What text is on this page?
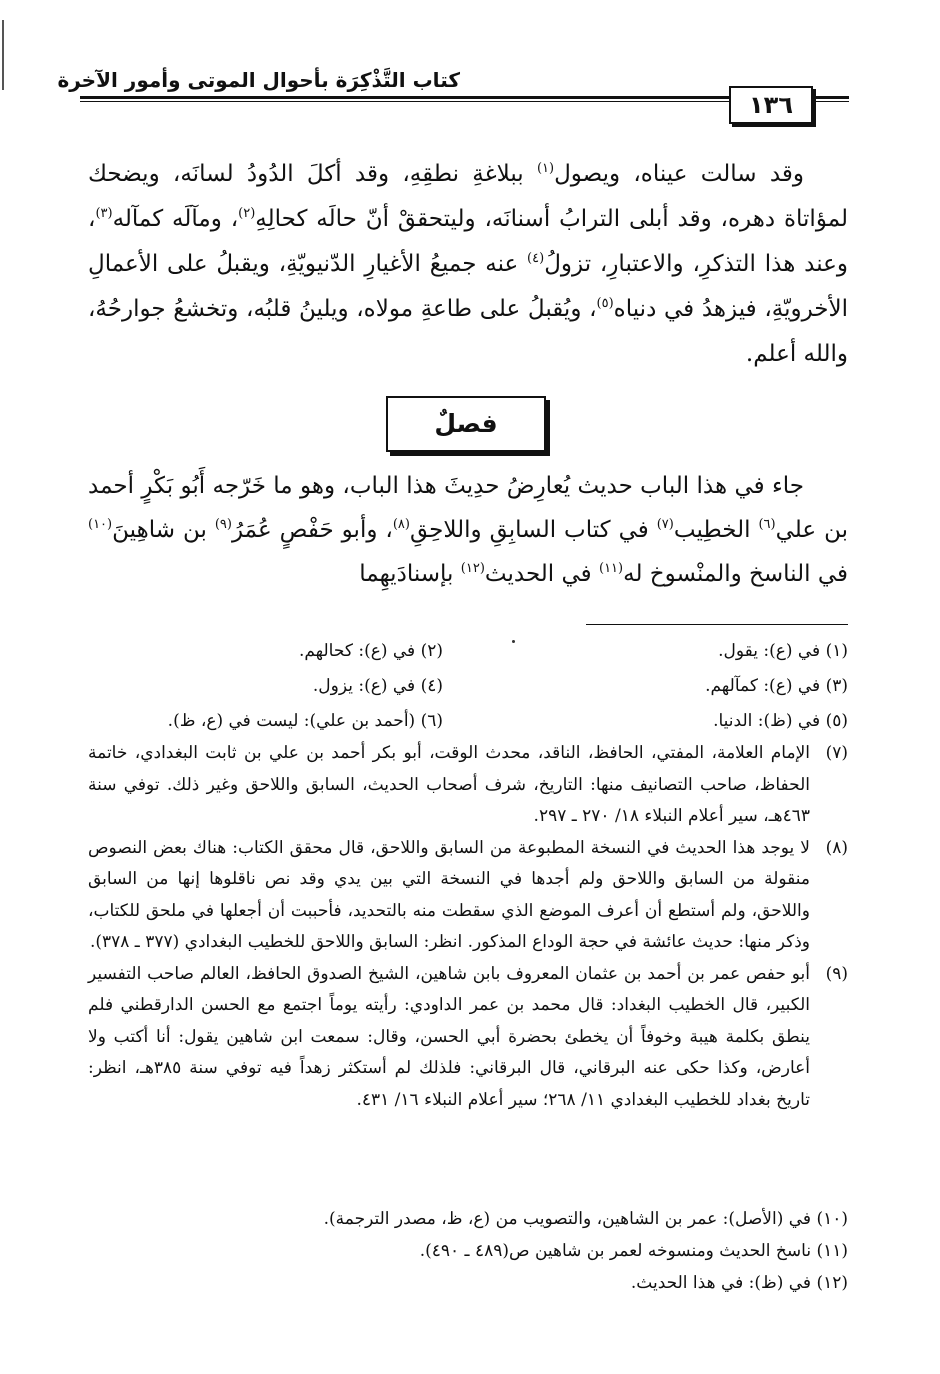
كتاب التَّذْكِرَة بأحوال الموتى وأمور الآخرة
١٣٦

وقد سالت عيناه، ويصول$^{(١)}$ ببلاغةِ نطقِهِ، وقد أكلَ الدُودُ لسانَه، ويضحك لمؤاتاة دهره، وقد أبلى الترابُ أسنانَه، وليتحققْ أنّ حالَه كحالِهِ$^{(٢)}$، ومآلَه كمآله$^{(٣)}$، وعند هذا التذكرِ، والاعتبارِ، تزولُ$^{(٤)}$ عنه جميعُ الأغيارِ الدّنيويّةِ، ويقبلُ على الأعمالِ الأخرويّةِ، فيزهدُ في دنياه$^{(٥)}$، ويُقبلُ على طاعةِ مولاه، ويلينُ قلبُه، وتخشعُ جوارحُهُ، والله أعلم.

فصلٌ
جاء في هذا الباب حديث يُعارِضُ حدِيثَ هذا الباب، وهو ما خَرّجه أَبُو بَكْرٍ أحمد بن علي$^{(٦)}$ الخطِيب$^{(٧)}$ في كتاب السابِقِ واللاحِقِ$^{(٨)}$، وأبو حَفْصٍ عُمَرُ$^{(٩)}$ بن شاهِينَ$^{(١٠)}$ في الناسخ والمنْسوخ له$^{(١١)}$ في الحديث$^{(١٢)}$ بإسنادَيهِما
(١) في (ع): يقول.
(٢) في (ع): كحالهم.
(٣) في (ع): كمآلهم.
(٤) في (ع): يزول.
(٥) في (ظ): الدنيا.
(٦) (أحمد بن علي): ليست في (ع، ظ).
(٧)
الإمام العلامة، المفتي، الحافظ، الناقد، محدث الوقت، أبو بكر أحمد بن علي بن ثابت البغدادي، خاتمة الحفاظ، صاحب التصانيف منها: التاريخ، شرف أصحاب الحديث، السابق واللاحق وغير ذلك. توفي سنة ٤٦٣هـ، سير أعلام النبلاء ١٨/ ٢٧٠ ـ ٢٩٧.
(٨)
لا يوجد هذا الحديث في النسخة المطبوعة من السابق واللاحق، قال محقق الكتاب: هناك بعض النصوص منقولة من السابق واللاحق ولم أجدها في النسخة التي بين يدي وقد نص ناقلوها إنها من السابق واللاحق، ولم أستطع أن أعرف الموضع الذي سقطت منه بالتحديد، فأحببت أن أجعلها في ملحق للكتاب، وذكر منها: حديث عائشة في حجة الوداع المذكور. انظر: السابق واللاحق للخطيب البغدادي (٣٧٧ ـ ٣٧٨).
(٩)
أبو حفص عمر بن أحمد بن عثمان المعروف بابن شاهين، الشيخ الصدوق الحافظ، العالم صاحب التفسير الكبير، قال الخطيب البغداد: قال محمد بن عمر الداودي: رأيته يوماً اجتمع مع الحسن الدارقطني فلم ينطق بكلمة هيبة وخوفاً أن يخطئ بحضرة أبي الحسن، وقال: سمعت ابن شاهين يقول: أنا أكتب ولا أعارض، وكذا حكى عنه البرقاني، قال البرقاني: فلذلك لم أستكثر زهداً فيه توفي سنة ٣٨٥هـ، انظر: تاريخ بغداد للخطيب البغدادي ١١/ ٢٦٨؛ سير أعلام النبلاء ١٦/ ٤٣١.
(١٠) في (الأصل): عمر بن الشاهين، والتصويب من (ع، ظ، مصدر الترجمة).
(١١) ناسخ الحديث ومنسوخه لعمر بن شاهين ص(٤٨٩ ـ ٤٩٠).
(١٢) في (ظ): في هذا الحديث.
